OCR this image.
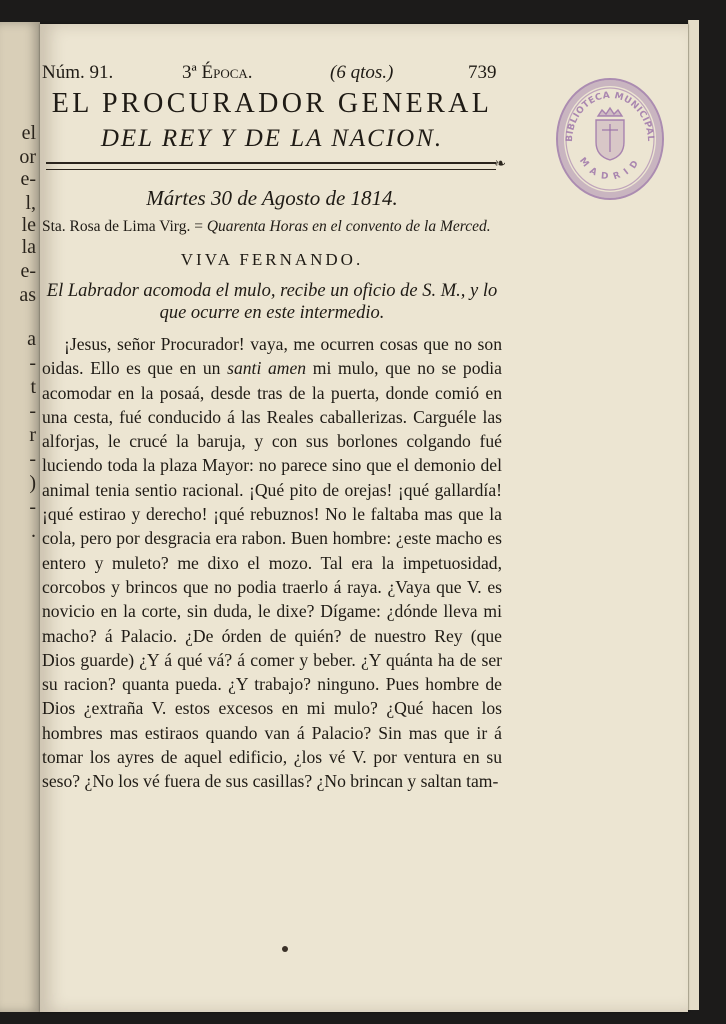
el
or
e-
l,
le
la
e-
as
a
-
t
-
r
-
)
-
.
Núm. 91.	3ª Época.	(6 qtos.)	739
EL PROCURADOR GENERAL
DEL REY Y DE LA NACION.
❧
Mártes 30 de Agosto de 1814.
Sta. Rosa de Lima Virg. = Quarenta Horas en el convento de la Merced.
VIVA FERNANDO.
El Labrador acomoda el mulo, recibe un oficio de S. M., y lo que ocurre en este intermedio.
¡Jesus, señor Procurador! vaya, me ocurren cosas que no son oidas. Ello es que en un santi amen mi mulo, que no se podia acomodar en la posaá, desde tras de la puerta, donde comió en una cesta, fué conducido á las Reales caballerizas. Carguéle las alforjas, le crucé la baruja, y con sus borlones colgando fué luciendo toda la plaza Mayor: no parece sino que el demonio del animal tenia sentio racional. ¡Qué pito de orejas! ¡qué gallardía! ¡qué estirao y derecho! ¡qué rebuznos! No le faltaba mas que la cola, pero por desgracia era rabon. Buen hombre: ¿este macho es entero y muleto? me dixo el mozo. Tal era la impetuosidad, corcobos y brincos que no podia traerlo á raya. ¿Vaya que V. es novicio en la corte, sin duda, le dixe? Dígame: ¿dónde lleva mi macho? á Palacio. ¿De órden de quién? de nuestro Rey (que Dios guarde) ¿Y á qué vá? á comer y beber. ¿Y quánta ha de ser su racion? quanta pueda. ¿Y trabajo? ninguno. Pues hombre de Dios ¿extraña V. estos excesos en mi mulo? ¿Qué hacen los hombres mas estiraos quando van á Palacio? Sin mas que ir á tomar los ayres de aquel edificio, ¿los vé V. por ventura en su seso? ¿No los vé fuera de sus casillas? ¿No brincan y saltan tam-
BIBLIOTECA MUNICIPAL
MADRID
